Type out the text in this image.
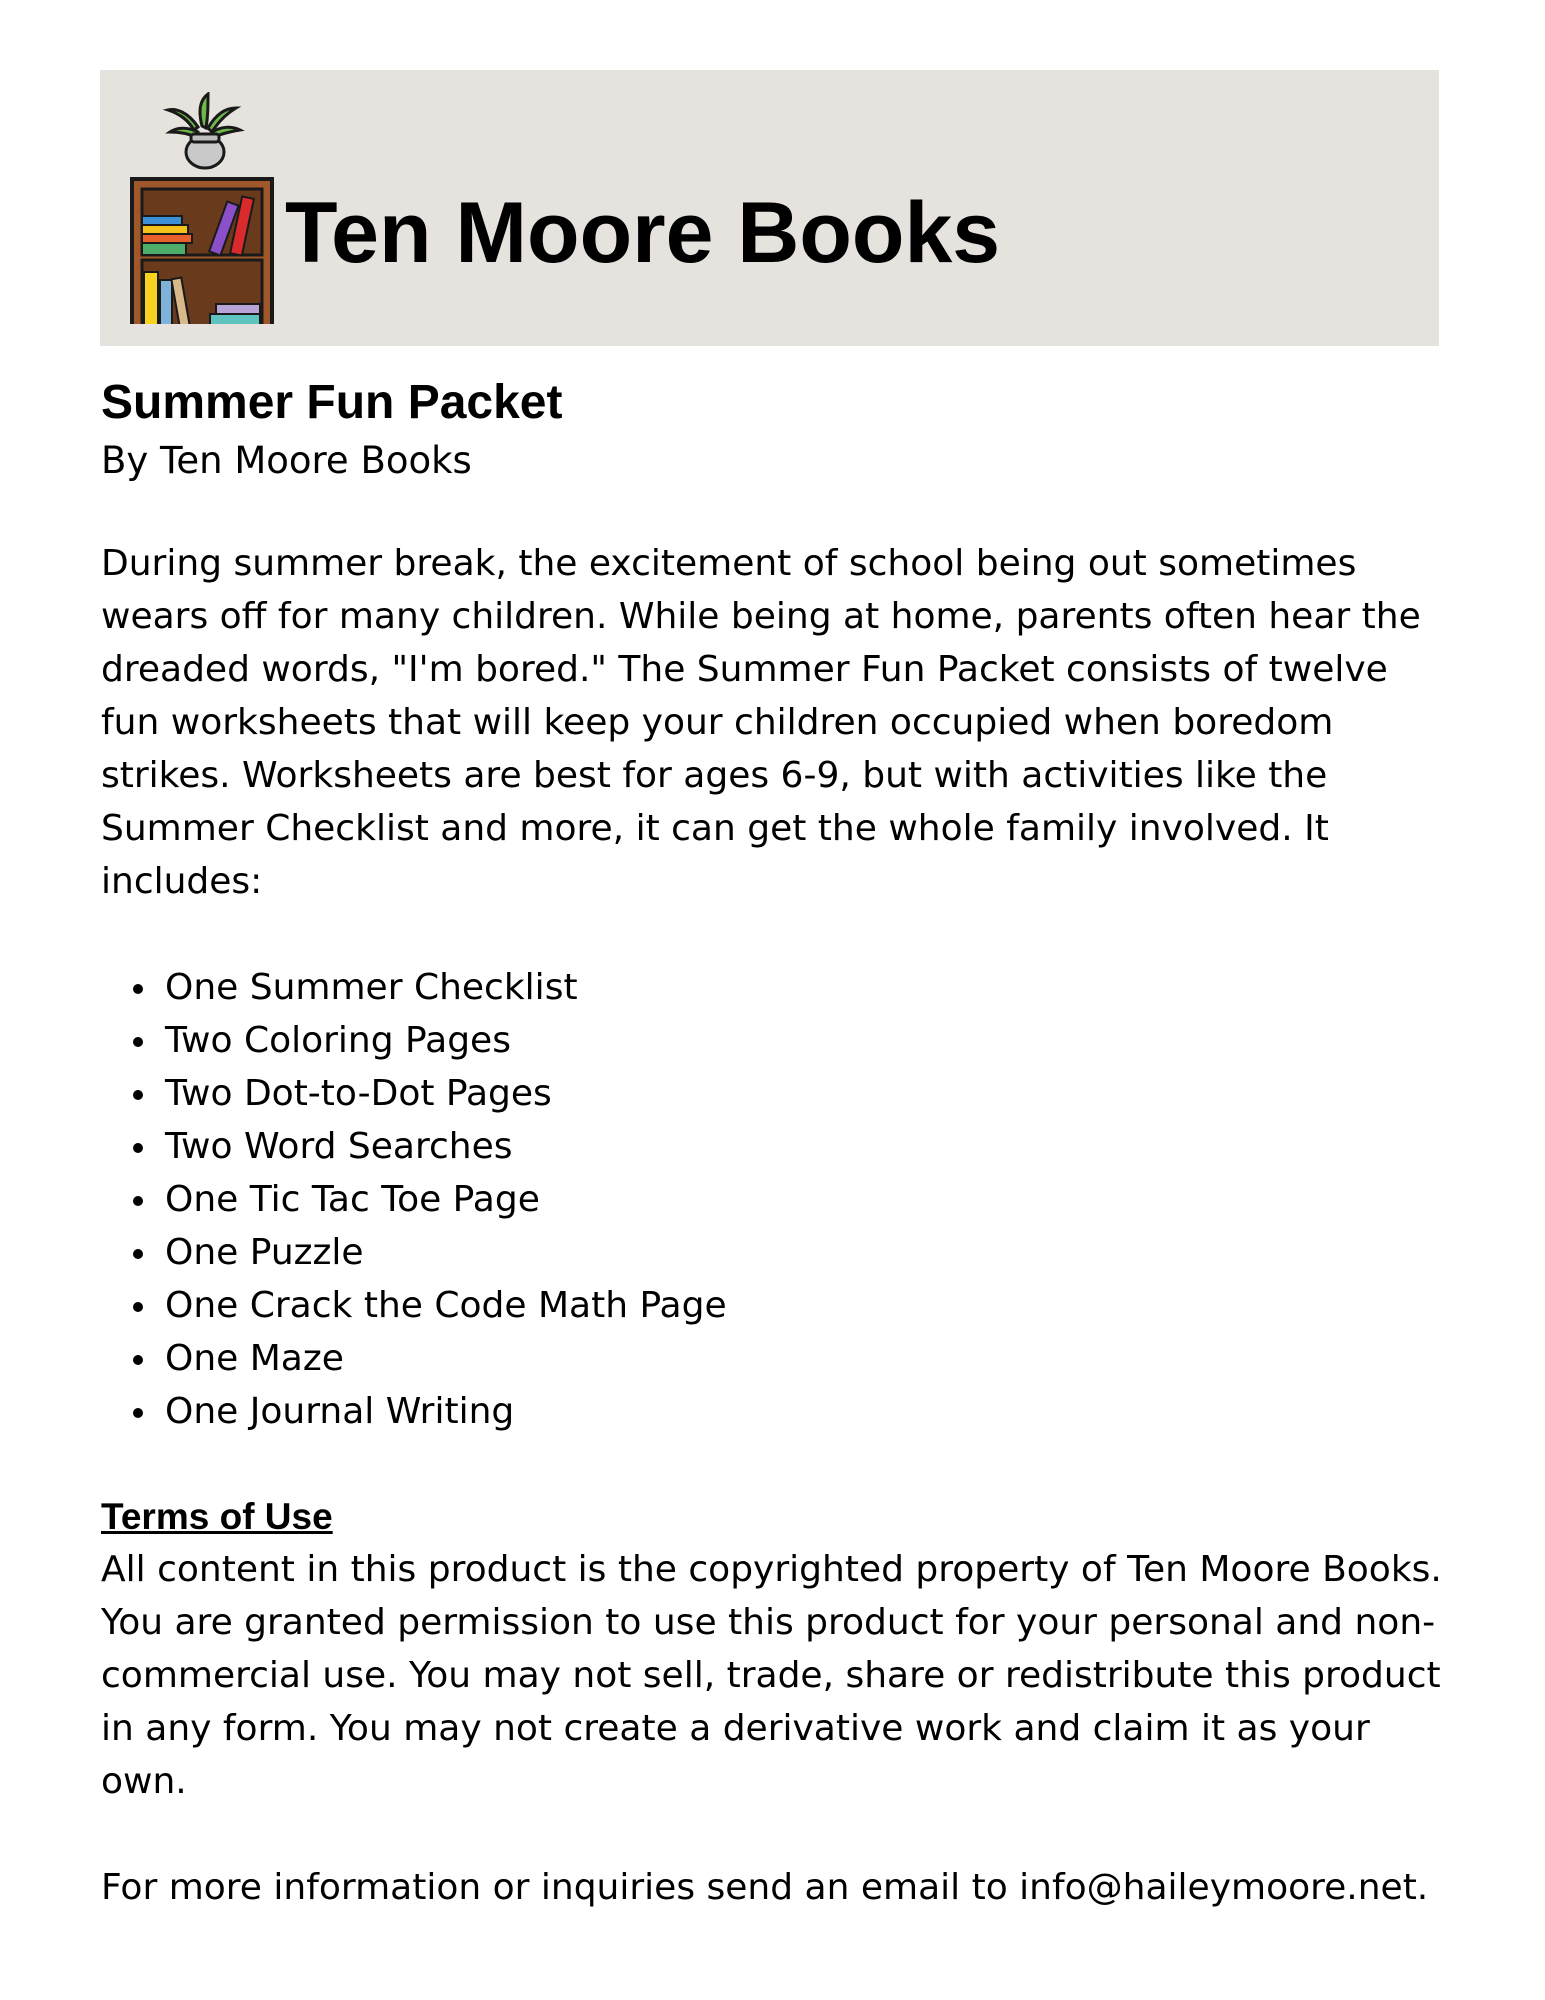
Ten Moore Books
Summer Fun Packet

By Ten Moore Books

During summer break, the excitement of school being out sometimes wears off for many children. While being at home, parents often hear the dreaded words, "I'm bored." The Summer Fun Packet consists of twelve fun worksheets that will keep your children occupied when boredom strikes. Worksheets are best for ages 6-9, but with activities like the Summer Checklist and more, it can get the whole family involved. It includes:

One Summer Checklist
Two Coloring Pages
Two Dot-to-Dot Pages
Two Word Searches
One Tic Tac Toe Page
One Puzzle
One Crack the Code Math Page
One Maze
One Journal Writing
Terms of Use

All content in this product is the copyrighted property of Ten Moore Books. You are granted permission to use this product for your personal and non-commercial use. You may not sell, trade, share or redistribute this product in any form. You may not create a derivative work and claim it as your own.

For more information or inquiries send an email to info@haileymoore.net.
